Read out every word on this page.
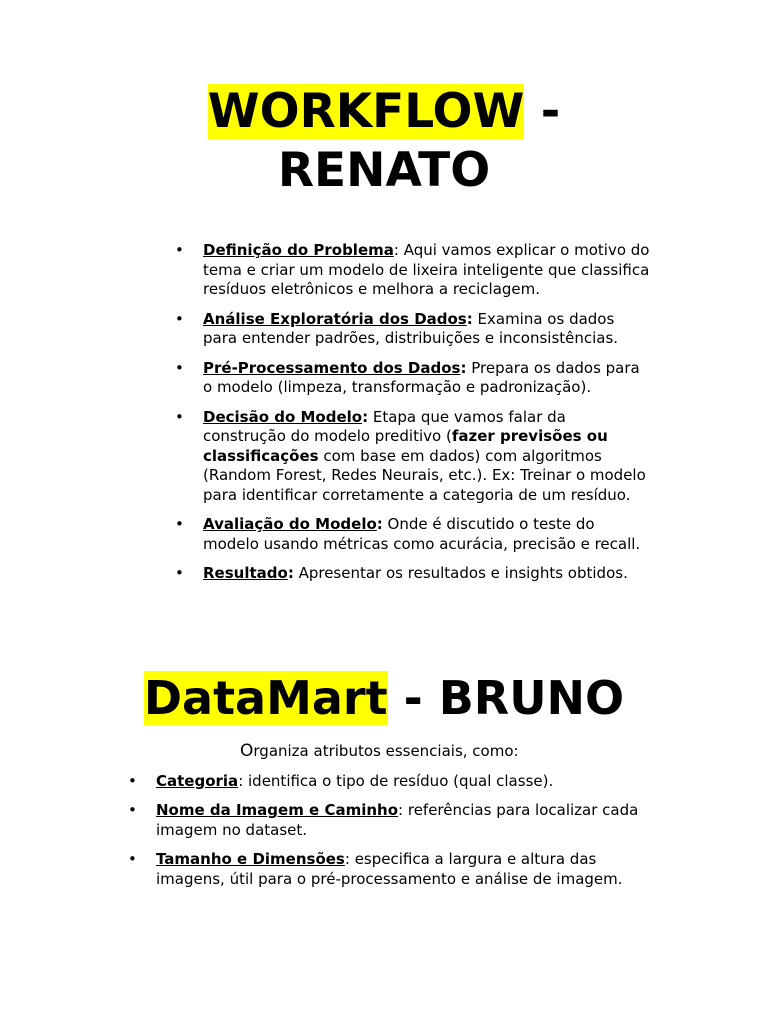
WORKFLOW -
RENATO
• Definição do Problema: Aqui vamos explicar o motivo do tema e criar um modelo de lixeira inteligente que classifica resíduos eletrônicos e melhora a reciclagem.
• Análise Exploratória dos Dados: Examina os dados para entender padrões, distribuições e inconsistências.
• Pré-Processamento dos Dados: Prepara os dados para o modelo (limpeza, transformação e padronização).
• Decisão do Modelo: Etapa que vamos falar da construção do modelo preditivo (fazer previsões ou classificações com base em dados) com algoritmos (Random Forest, Redes Neurais, etc.). Ex: Treinar o modelo para identificar corretamente a categoria de um resíduo.
• Avaliação do Modelo: Onde é discutido o teste do modelo usando métricas como acurácia, precisão e recall.
• Resultado: Apresentar os resultados e insights obtidos.
DataMart - BRUNO

Organiza atributos essenciais, como:

• Categoria: identifica o tipo de resíduo (qual classe).
• Nome da Imagem e Caminho: referências para localizar cada imagem no dataset.
• Tamanho e Dimensões: especifica a largura e altura das imagens, útil para o pré-processamento e análise de imagem.
